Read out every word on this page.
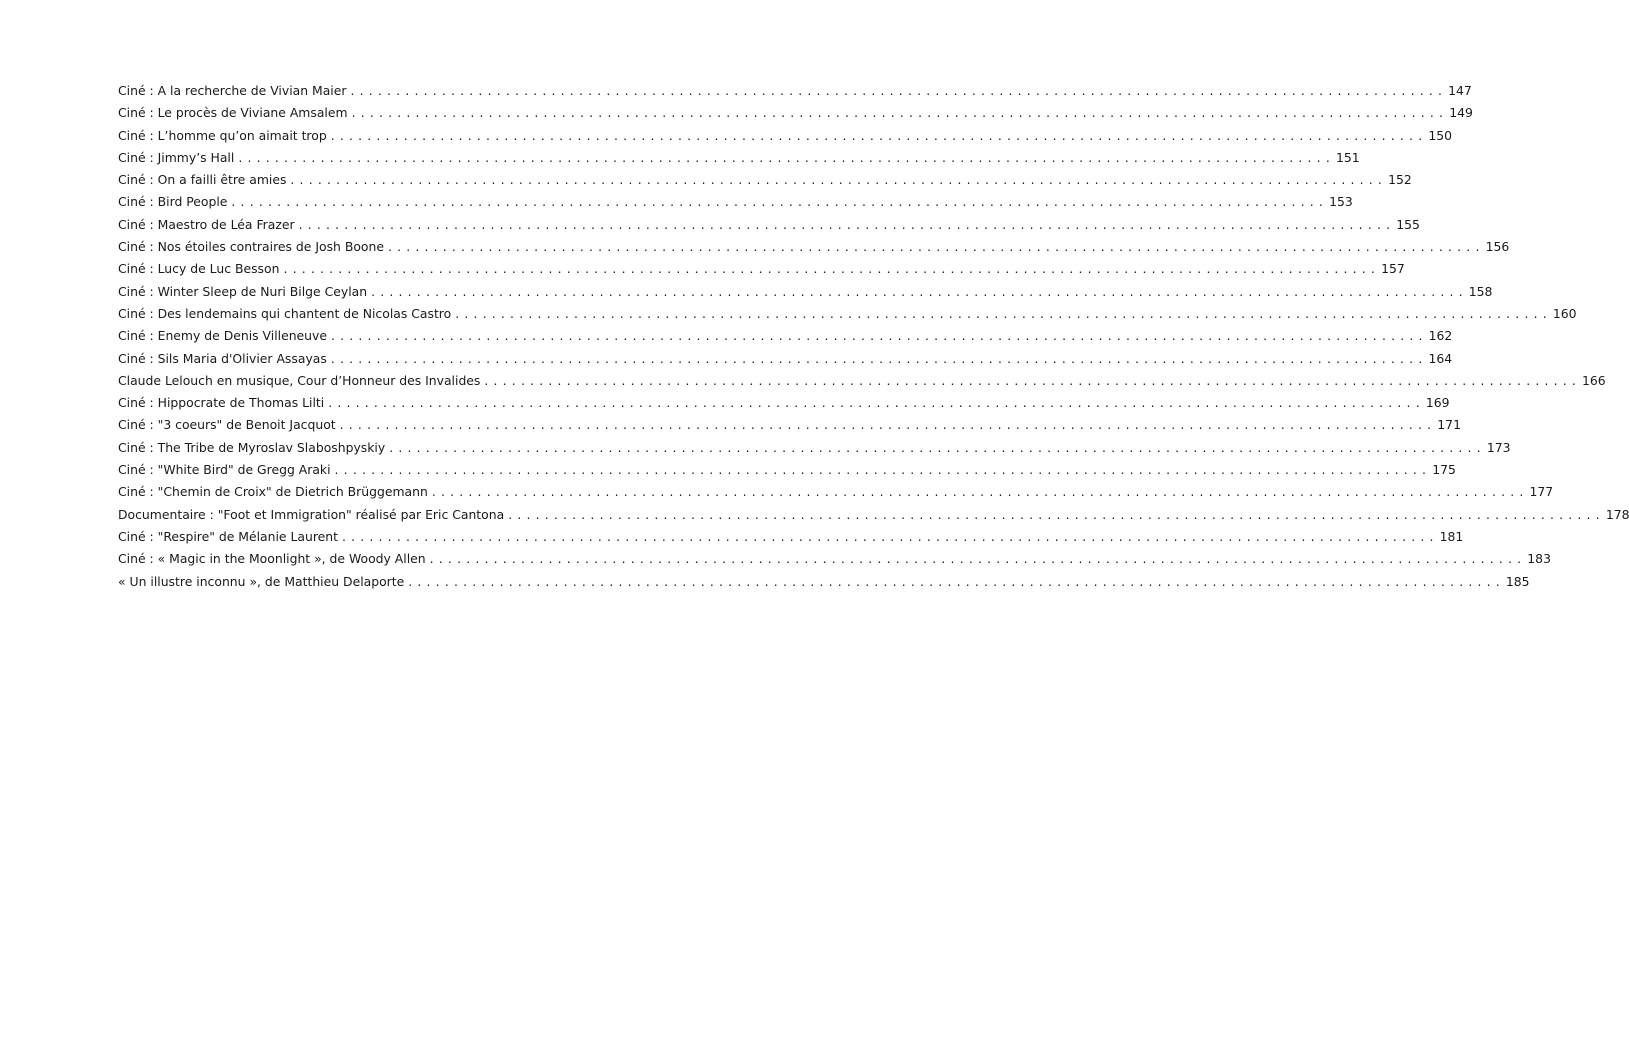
Ciné : A la recherche de Vivian Maier ........................................................................................................................ 147
Ciné : Le procès de Viviane Amsalem ........................................................................................................................ 149
Ciné : L’homme qu’on aimait trop ........................................................................................................................ 150
Ciné : Jimmy’s Hall ........................................................................................................................ 151
Ciné : On a failli être amies ........................................................................................................................ 152
Ciné : Bird People ........................................................................................................................ 153
Ciné : Maestro de Léa Frazer ........................................................................................................................ 155
Ciné : Nos étoiles contraires de Josh Boone ........................................................................................................................ 156
Ciné : Lucy de Luc Besson ........................................................................................................................ 157
Ciné : Winter Sleep de Nuri Bilge Ceylan ........................................................................................................................ 158
Ciné : Des lendemains qui chantent de Nicolas Castro ........................................................................................................................ 160
Ciné : Enemy de Denis Villeneuve ........................................................................................................................ 162
Ciné : Sils Maria d'Olivier Assayas ........................................................................................................................ 164
Claude Lelouch en musique, Cour d’Honneur des Invalides ........................................................................................................................ 166
Ciné : Hippocrate de Thomas Lilti ........................................................................................................................ 169
Ciné : "3 coeurs" de Benoit Jacquot ........................................................................................................................ 171
Ciné : The Tribe de Myroslav Slaboshpyskiy ........................................................................................................................ 173
Ciné : "White Bird" de Gregg Araki ........................................................................................................................ 175
Ciné : "Chemin de Croix" de Dietrich Brüggemann ........................................................................................................................ 177
Documentaire : "Foot et Immigration" réalisé par Eric Cantona ........................................................................................................................ 178
Ciné : "Respire" de Mélanie Laurent ........................................................................................................................ 181
Ciné : « Magic in the Moonlight », de Woody Allen ........................................................................................................................ 183
« Un illustre inconnu », de Matthieu Delaporte ........................................................................................................................ 185
